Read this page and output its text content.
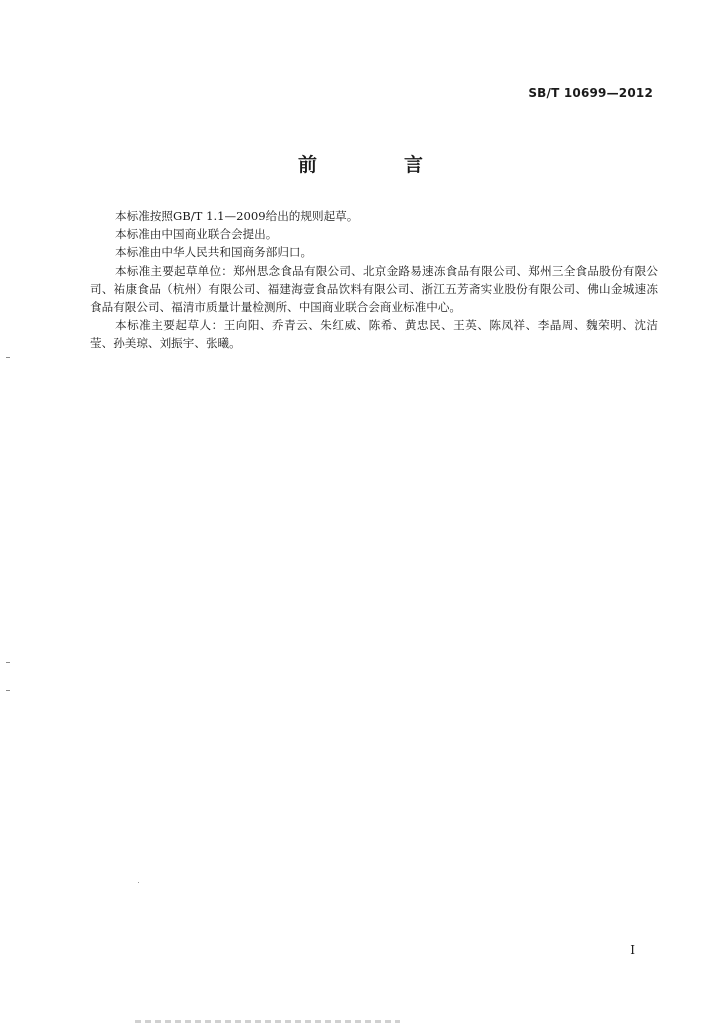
SB/T 10699—2012
前　言

本标准按照GB/T 1.1—2009给出的规则起草。

本标准由中国商业联合会提出。

本标准由中华人民共和国商务部归口。

本标准主要起草单位：郑州思念食品有限公司、北京金路易速冻食品有限公司、郑州三全食品股份有限公司、祐康食品（杭州）有限公司、福建海壹食品饮料有限公司、浙江五芳斋实业股份有限公司、佛山金城速冻食品有限公司、福清市质量计量检测所、中国商业联合会商业标准中心。

本标准主要起草人：王向阳、乔青云、朱红威、陈希、黄忠民、王英、陈凤祥、李晶周、魏荣明、沈洁莹、孙美琼、刘振宇、张曦。

I
